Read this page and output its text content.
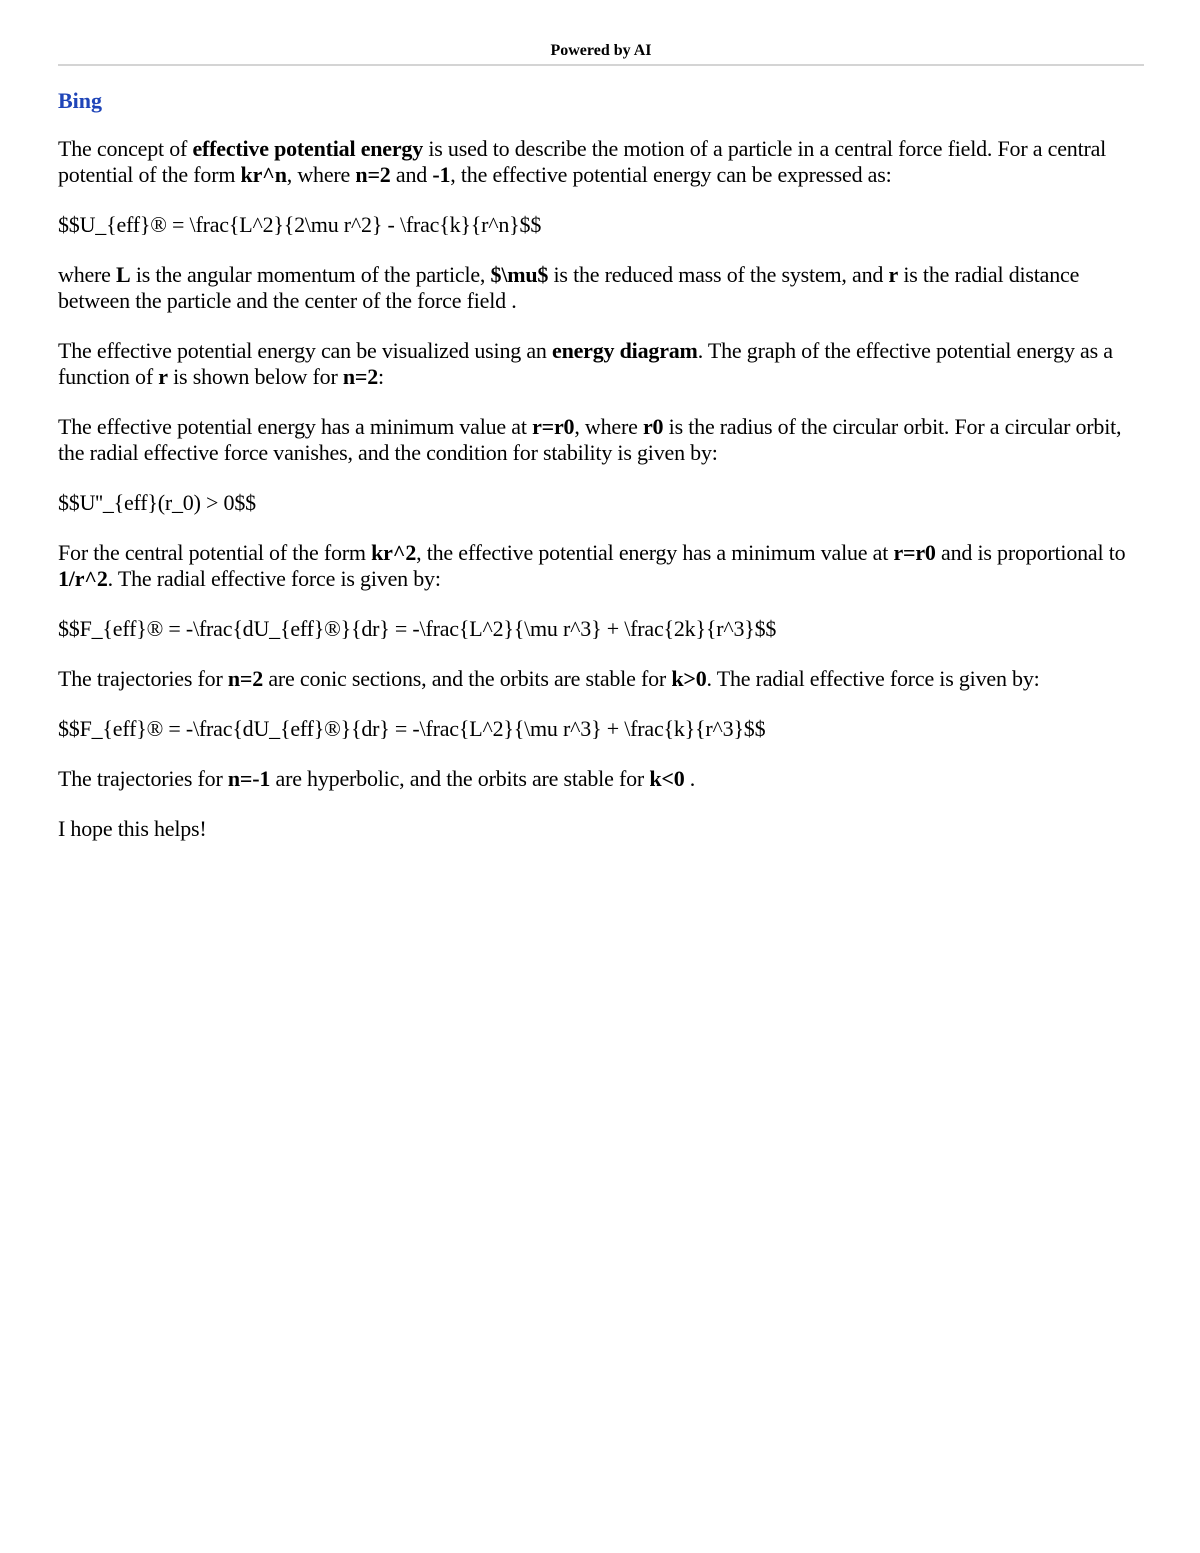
Powered by AI
Bing

The concept of effective potential energy is used to describe the motion of a particle in a central force field. For a central potential of the form kr^n, where n=2 and -1, the effective potential energy can be expressed as:

$$U_{eff}® = \frac{L^2}{2\mu r^2} - \frac{k}{r^n}$$

where L is the angular momentum of the particle, $\mu$ is the reduced mass of the system, and r is the radial distance between the particle and the center of the force field .

The effective potential energy can be visualized using an energy diagram. The graph of the effective potential energy as a function of r is shown below for n=2:

The effective potential energy has a minimum value at r=r0, where r0 is the radius of the circular orbit. For a circular orbit, the radial effective force vanishes, and the condition for stability is given by:

$$U''_{eff}(r_0) > 0$$

For the central potential of the form kr^2, the effective potential energy has a minimum value at r=r0 and is proportional to 1/r^2. The radial effective force is given by:

$$F_{eff}® = -\frac{dU_{eff}®}{dr} = -\frac{L^2}{\mu r^3} + \frac{2k}{r^3}$$

The trajectories for n=2 are conic sections, and the orbits are stable for k>0. The radial effective force is given by:

$$F_{eff}® = -\frac{dU_{eff}®}{dr} = -\frac{L^2}{\mu r^3} + \frac{k}{r^3}$$

The trajectories for n=-1 are hyperbolic, and the orbits are stable for k<0 .

I hope this helps!
